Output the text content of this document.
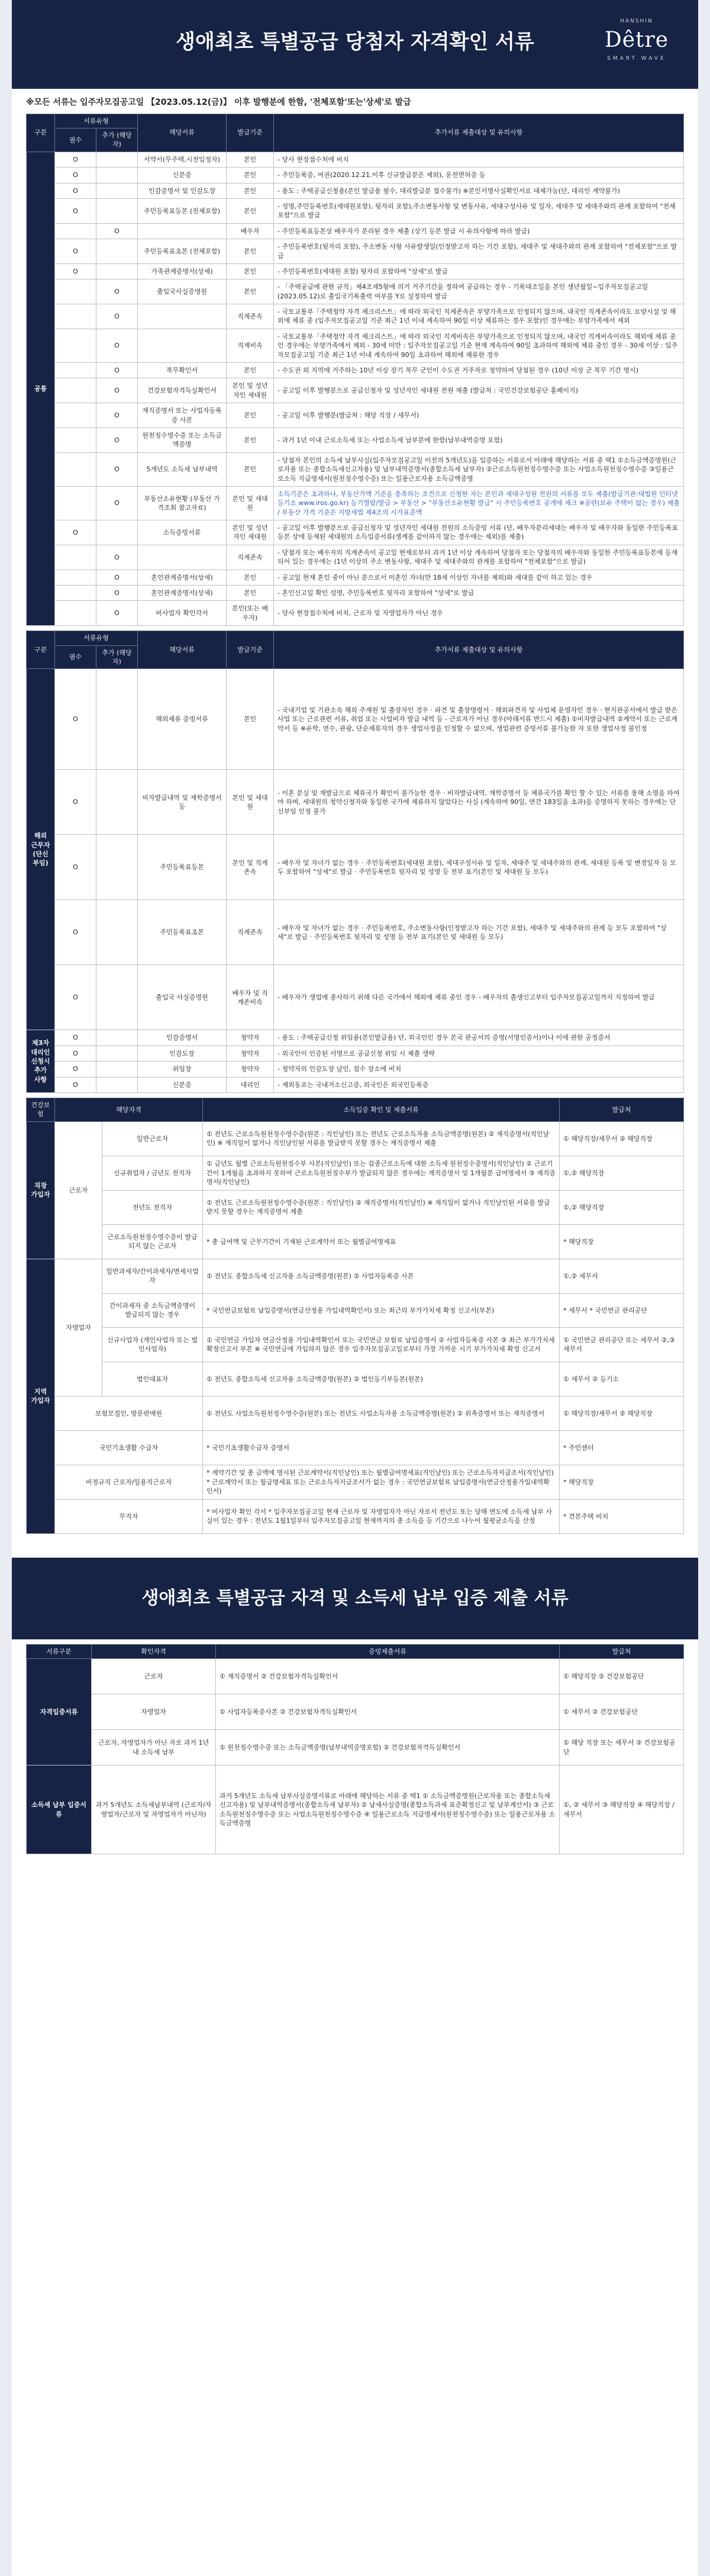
생애최초 특별공급 당첨자 자격확인 서류
HANSHIN
Dêtre
SMART WAVE
※모든 서류는 입주자모집공고일 【2023.05.12(금)】 이후 발행분에 한함, '전체포함'또는'상세'로 발급
구분	서류유형		해당서류	발급기준	추가서류 제출대상 및 유의사항
	필수	추가 (해당자)			
공통	O		서약서(무주택,시전입정자)	본인	- 당사 현장접수처에 비치
	O		신분증	본인	- 주민등록증, 여권(2020.12.21.이후 신규발급분은 제외), 운전면허증 등
	O		인감증명서 및 인감도장	본인	- 용도 : 주택공급신청용(본인 발급용 필수, 대리발급분 접수불가) ※본인서명사실확인서로 대체가능(단, 대리인 계약불가)
	O		주민등록표등본 (전체포함)	본인	- 성명,주민등록번호(세대원포함), 뒷자리 포함),주소변동사항 및 변동사유, 세대구성사유 및 일자, 세대주 및 세대주와의 관계 포함하여 "전체포함"으로 발급
		O		배우자	- 주민등록표등본상 배우자가 분리된 경우 제출 (상기 등본 발급 시 유의사항에 따라 발급)
	O		주민등록표초본 (전체포함)	본인	- 주민등록번호(뒷자리 포함), 주소변동 사항 사유발생일(인정받고자 하는 기간 포함), 세대주 및 세대주와의 관계 포함하여 "전체포함"으로 발급
	O		가족관계증명서(상세)	본인	- 주민등록번호(세대원 포함) 뒷자리 포함하여 "상세"로 발급
		O	출입국사실증명원	본인	- 「주택공급에 관한 규칙」제4조제5항에 의거 거주기간을 정하여 공급하는 경우 - 기록대조일을 본인 생년월일~입주자모집공고일(2023.05.12)로 출입국기록출력 여부를 Y로 설정하여 발급
		O		직계존속	- 국토교통부「주택청약 자격 체크리스트」에 따라 외국인 직계존속은 부양가족으로 인정되지 않으며, 내국인 직계존속이라도 요양시설 및 해외에 체류 중 (입주자모집공고일 기준 최근 1년 이내 계속하여 90일 이상 체류하는 경우 포함)인 경우에는 부양가족에서 제외
		O		직계비속	- 국토교통부「주택청약 자격 체크리스트」에 따라 외국인 직계비속은 부양가족으로 인정되지 않으며, 내국인 직계비속이라도 해외에 체류 중인 경우에는 부양가족에서 제외 - 30세 미만 : 입주자모집공고일 기준 현재 계속하여 90일 초과하여 해외에 체류 중인 경우 - 30세 이상 : 입주자모집공고일 기준 최근 1년 이내 계속하여 90일 초과하여 해외에 체류한 경우
		O	복무확인서	본인	- 수도권 외 지역에 거주하는 10년 이상 장기 복무 군인이 수도권 거주자로 청약하여 당첨된 경우 (10년 이상 군 복무 기간 명시)
		O	건강보험자격득실확인서	본인 및 성년자인 세대원	- 공고일 이후 발행분으로 공급신청자 및 성년자인 세대원 전원 제출 (발급처 : 국민건강보험공단 홈페이지)
		O	재직증명서 또는 사업자등록증 사본	본인	- 공고일 이후 발행분(발급처 : 해당 직장 / 세무서)
		O	원천징수영수증 또는 소득금액증명	본인	- 과거 1년 이내 근로소득세 또는 사업소득세 납부분에 한함(납부내역증명 포함)
		O	5개년도 소득세 납부내역	본인	- 당첨자 본인의 소득세 납부사실(입주자모집공고일 이전의 5개년도)을 입증하는 서류로서 아래에 해당하는 서류 중 택1 ①소득금액증명원(근로자용 또는 종합소득세신고자용) 및 납부내역증명서(종합소득세 납부자) ②근로소득원천징수영수증 또는 사업소득원천징수영수증 ③일용근로소득 지급명세서(원천징수영수증) 또는 일용근로자용 소득금액증명
		O	부동산소유현황 (부동산 가격조회 참고자료)	본인 및 세대원	소득기준은 초과하나, 부동산가액 기준을 충족하는 조건으로 신청한 자는 본인과 세대구성원 전원의 서류를 모두 제출(발급기관:대법원 인터넷 등기소 www.iros.go.kr) 등기열람/발급 > 부동산 > "부동산소유현황 발급" 시 주민등록번호 공개에 체크 ※공란(보유 주택이 없는 경우) 제출 / 부동산 가격 기준은 지방세법 제4조의 시가표준액
	O		소득증빙서류	본인 및 성년자인 세대원	- 공고일 이후 발행분으로 공급신청자 및 성년자인 세대원 전원의 소득증빙 서류 (단, 배우자분리세대는 배우자 및 배우자와 동일한 주민등록표등본 상에 등재된 세대원의 소득입증서류(생계를 같이하지 않는 경우에는 제외)를 제출)
		O		직계존속	- 당첨자 또는 배우자의 직계존속이 공고일 현재로부터 과거 1년 이상 계속하여 당첨자 또는 당첨자의 배우자와 동일한 주민등록표등본에 등재되어 있는 경우에는 (1년 이상의 주소 변동사항, 세대주 및 세대주와의 관계를 포함하여 "전체포함"으로 발급)
		O	혼인관계증명서(상세)	본인	- 공고일 현재 혼인 중이 아닌 분으로서 미혼인 자녀(만 18세 이상인 자녀를 제외)와 세대를 같이 하고 있는 경우
		O	혼인관계증명서(상세)	본인	- 혼인신고일 확인 성명, 주민등록번호 뒷자리 포함하여 "상세"로 발급
		O	비사업자 확인각서	본인(또는 배우자)	- 당사 현장접수처에 비치, 근로자 및 자영업자가 아닌 경우
구분	서류유형		해당서류	발급기준	추가서류 제출대상 및 유의사항
	필수	추가 (해당자)			
해외 근무자 (단신 부임)	O		해외체류 증빙서류	본인	- 국내기업 및 기관소속 해외 주재원 및 출장자인 경우 · 파견 및 출장명령서 · 해외파견자 및 사업체 운영자인 경우 · 현지관공서에서 발급 받은 사업 또는 근로관련 서류, 취업 또는 사업비자 발급 내역 등 - 근로자가 아닌 경우(아래서류 반드시 제출) ①비자발급내역 ②계약서 또는 근로계약서 등 ※유학, 연수, 관광, 단순체류자의 경우 생업사정을 인정할 수 없으며, 생업관련 증빙서류 불가능한 자 또한 생업사정 불인정
	O		비자발급내역 및 재학증명서 등	본인 및 세대원	- 이혼 분실 및 재발급으로 체류국가 확인이 불가능한 경우 · 비자발급내역, 재학증명서 등 체류국가를 확인 할 수 있는 서류를 통해 소명을 하여야 하며, 세대원의 청약신청자와 동일한 국가에 체류하지 않았다는 사실 (계속하여 90일, 연간 183일을 초과)을 증명하지 못하는 경우에는 단신부임 인정 불가
	O		주민등록표등본	본인 및 직계존속	- 배우자 및 자녀가 없는 경우 · 주민등록번호(세대원 포함), 세대구성사유 및 일자, 세대주 및 세대주와의 관계, 세대원 등록 및 변경일자 등 모두 포함하여 "상세"로 발급 · 주민등록번호 뒷자리 및 성명 등 전부 표기(본인 및 세대원 등 모두)
	O		주민등록표초본	직계존속	- 배우자 및 자녀가 없는 경우 · 주민등록번호, 주소변동사항(인정받고자 하는 기간 포함), 세대주 및 세대주와의 관계 등 모두 포함하여 "상세"로 발급 · 주민등록번호 뒷자리 및 성명 등 전부 표기(본인 및 세대원 등 모두)
	O		출입국 사실증명원	배우자 및 직계존비속	- 배우자가 생업에 종사하기 위해 다른 국가에서 해외에 체류 중인 경우 - 배우자의 출생신고부터 입주자모집공고일까지 지정하여 발급
제3자 대리인 신청시 추가 사항	O		인감증명서	청약자	- 용도 : 주택공급신청 위임용(본인발급용) 단, 외국인인 경우 본국 관공서의 증명(서명인증서)이나 이에 관한 공정증서
	O		인감도장	청약자	- 외국인이 인증된 서명으로 공급신청 위임 시 제출 생략
	O		위임장	청약자	- 청약자의 인감도장 날인, 접수 장소에 비치
	O		신분증	대리인	- 재외동포는 국내거소신고증, 외국인은 외국인등록증
건강보험	해당자격		소득입증 확인 및 제출서류	발급처
직장 가입자	근로자	일반근로자	① 전년도 근로소득원천징수영수증(원본 : 직인날인) 또는 전년도 근로소득자용 소득금액증명(원본) ② 재직증명서(직인날인) ※ 재직일이 없거나 직인날인된 서류를 발급받지 못할 경우는 재직증명서 제출	① 해당직장/세무서 ② 해당직장
		신규취업자 / 금년도 전직자	① 금년도 월별 근로소득원천징수부 사본(직인날인) 또는 갑종근로소득에 대한 소득세 원천징수증명서(직인날인) ② 근로기간이 1개월을 초과하지 못하여 근로소득원천징수부가 발급되지 않은 경우에는 재직증명서 및 1개월분 급여명세서 ③ 재직증명서(직인날인)	①,② 해당직장
		전년도 전직자	① 전년도 근로소득원천징수영수증(원본 : 직인날인) ② 재직증명서(직인날인) ※ 재직일이 없거나 직인날인된 서류를 발급받지 못할 경우는 재직증명서 제출	①,② 해당직장
		근로소득원천징수영수증이 발급되지 않는 근로자	* 총 급여액 및 근무기간이 기재된 근로계약서 또는 월별급여명세표	* 해당직장
지역 가입자	자영업자	일반과세자/간이과세자/면세사업자	① 전년도 종합소득세 신고자용 소득금액증명(원본) ② 사업자등록증 사본	①,② 세무서
		간이과세자 중 소득금액증명이 발급되지 않는 경우	* 국민연금보험료 납입증명서(연금산정용 가입내역확인서) 또는 최근의 부가가치세 확정 신고서(부본)	* 세무서 * 국민연금 관리공단
		신규사업자 (개인사업자 또는 법인사업자)	① 국민연금 가입자 연금산정용 가입내역확인서 또는 국민연금 보험료 납입증명서 ② 사업자등록증 사본 ③ 최근 부가가치세 확정신고서 부본 ※ 국민연금에 가입하지 않은 경우 입주자모집공고일로부터 가장 가까운 시기 부가가치세 확정 신고서	① 국민연금 관리공단 또는 세무서 ②,③ 세무서
		법인대표자	① 전년도 종합소득세 신고자용 소득금액증명(원본) ② 법인등기부등본(원본)	① 세무서 ② 등기소
	보험모집인, 방문판매원		① 전년도 사업소득원천징수영수증(원본) 또는 전년도 사업소득자용 소득금액증명(원본) ② 위촉증명서 또는 재직증명서	① 해당직장/세무서 ② 해당직장
	국민기초생활 수급자		* 국민기초생활수급자 증명서	* 주민센터
	비정규직 근로자/일용직근로자		* 계약기간 및 총 금액에 명시된 근로계약서(직인날인) 또는 월별급여명세표(직인날인) 또는 근로소득자지급조서(직인날인) * 근로계약서 또는 월급명세표 또는 근로소득자지급조서가 없는 경우 : 국민연금보험료 납입증명서(연금산정용가입내역확인서)	* 해당직장
	무직자		* 비사업자 확인 각서 * 입주자모집공고일 현재 근로자 및 자영업자가 아닌 자로서 전년도 또는 당해 연도에 소득세 납부 사실이 있는 경우 : 전년도 1월1일부터 입주자모집공고일 현재까지의 총 소득을 등 기간으로 나누어 월평균소득을 산정	* 견본주택 비치
생애최초 특별공급 자격 및 소득세 납부 입증 제출 서류
서류구분	확인자격	증빙제출서류	발급처
자격입증서류	근로자	① 재직증명서 ② 건강보험자격득실확인서	① 해당직장 ② 건강보험공단
	자영업자	① 사업자등록증사본 ② 건강보험자격득실확인서	① 세무서 ② 건강보험공단
	근로자, 자영업자가 아닌 자로 과거 1년 내 소득세 납부	① 원천징수영수증 또는 소득금액증명(납부내역증명포함) ② 건강보험자격득실확인서	① 해당 직장 또는 세무서 ② 건강보험공단
소득세 납부 입증서류	과거 5개년도 소득세납부내역 (근로자/자영업자/근로자 및 자영업자가 아닌자)	과거 5개년도 소득세 납부사실증명서류로 아래에 해당하는 서류 중 택1 ① 소득금액증명원(근로자용 또는 종합소득세신고자용) 및 납부내역증명서(종합소득세 납부자) ② 납세사실증명(종합소득과세 표준확정신고 및 납부계산서) ③ 근로소득원천징수영수증 또는 사업소득원천징수영수증 ④ 일용근로소득 지급명세서(원천징수영수증) 또는 일용근로자용 소득금액증명	①, ② 세무서 ③ 해당직장 ④ 해당직장 / 세무서
